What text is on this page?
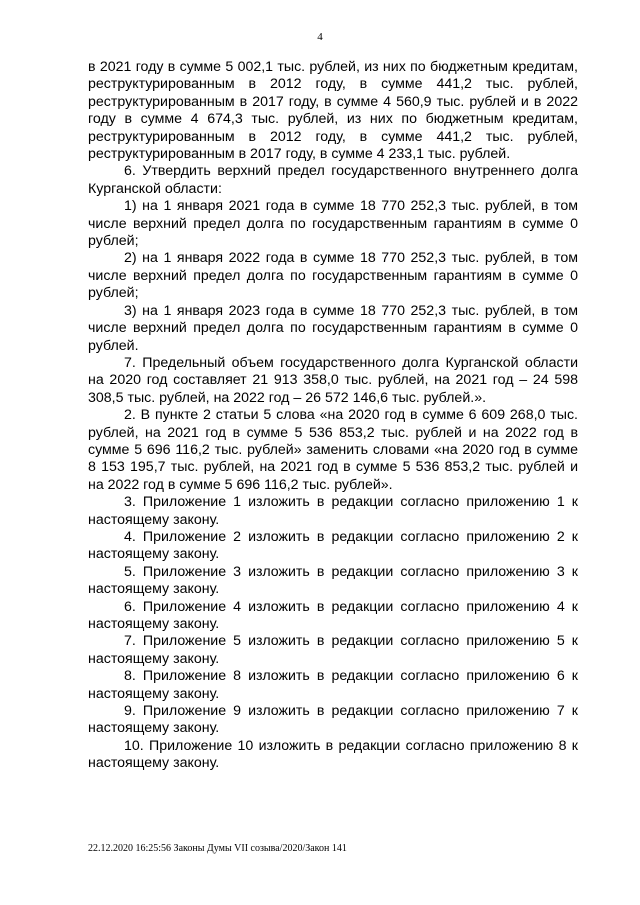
4

в 2021 году в сумме 5 002,1 тыс. рублей, из них по бюджетным кредитам, реструктурированным в 2012 году, в сумме 441,2 тыс. рублей, реструктурированным в 2017 году, в сумме 4 560,9 тыс. рублей и в 2022 году в сумме 4 674,3 тыс. рублей, из них по бюджетным кредитам, реструктурированным в 2012 году, в сумме 441,2 тыс. рублей, реструктурированным в 2017 году, в сумме 4 233,1 тыс. рублей.

6. Утвердить верхний предел государственного внутреннего долга Курганской области:

1) на 1 января 2021 года в сумме 18 770 252,3 тыс. рублей, в том числе верхний предел долга по государственным гарантиям в сумме 0 рублей;

2) на 1 января 2022 года в сумме 18 770 252,3 тыс. рублей, в том числе верхний предел долга по государственным гарантиям в сумме 0 рублей;

3) на 1 января 2023 года в сумме 18 770 252,3 тыс. рублей, в том числе верхний предел долга по государственным гарантиям в сумме 0 рублей.

7. Предельный объем государственного долга Курганской области на 2020 год составляет 21 913 358,0 тыс. рублей, на 2021 год – 24 598 308,5 тыс. рублей, на 2022 год – 26 572 146,6 тыс. рублей.».

2. В пункте 2 статьи 5 слова «на 2020 год в сумме 6 609 268,0 тыс. рублей, на 2021 год в сумме 5 536 853,2 тыс. рублей и на 2022 год в сумме 5 696 116,2 тыс. рублей» заменить словами «на 2020 год в сумме 8 153 195,7 тыс. рублей, на 2021 год в сумме 5 536 853,2 тыс. рублей и на 2022 год в сумме 5 696 116,2 тыс. рублей».

3. Приложение 1 изложить в редакции согласно приложению 1 к настоящему закону.

4. Приложение 2 изложить в редакции согласно приложению 2 к настоящему закону.

5. Приложение 3 изложить в редакции согласно приложению 3 к настоящему закону.

6. Приложение 4 изложить в редакции согласно приложению 4 к настоящему закону.

7. Приложение 5 изложить в редакции согласно приложению 5 к настоящему закону.

8. Приложение 8 изложить в редакции согласно приложению 6 к настоящему закону.

9. Приложение 9 изложить в редакции согласно приложению 7 к настоящему закону.

10. Приложение 10 изложить в редакции согласно приложению 8 к настоящему закону.

22.12.2020 16:25:56 Законы Думы VII созыва/2020/Закон 141
